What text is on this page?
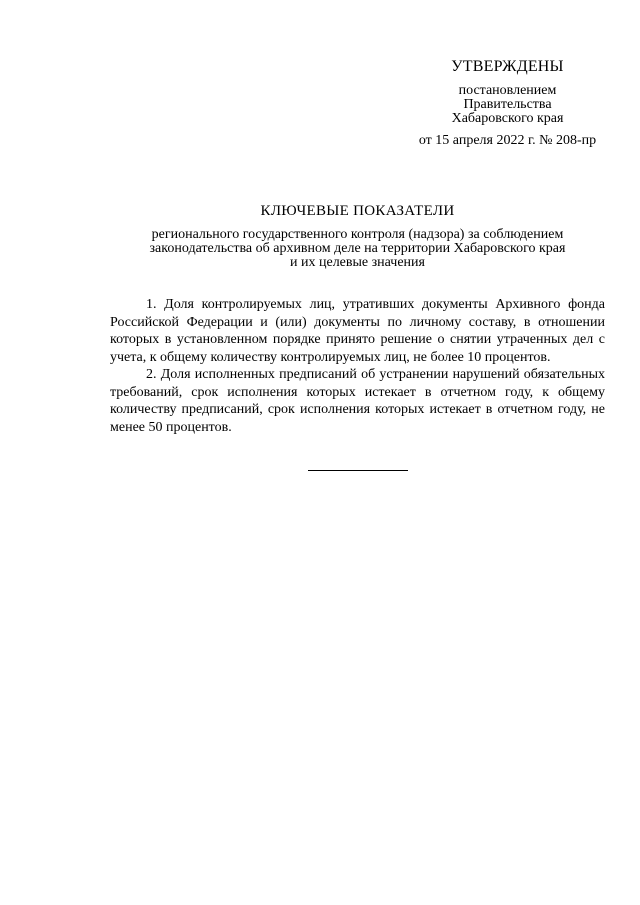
УТВЕРЖДЕНЫ
постановлением
Правительства
Хабаровского края
от 15 апреля 2022 г. № 208-пр
КЛЮЧЕВЫЕ ПОКАЗАТЕЛИ
регионального государственного контроля (надзора) за соблюдением
законодательства об архивном деле на территории Хабаровского края
и их целевые значения

1. Доля контролируемых лиц, утративших документы Архивного фонда Российской Федерации и (или) документы по личному составу, в отношении которых в установленном порядке принято решение о снятии утраченных дел с учета, к общему количеству контролируемых лиц, не более 10 процентов.

2. Доля исполненных предписаний об устранении нарушений обязательных требований, срок исполнения которых истекает в отчетном году, к общему количеству предписаний, срок исполнения которых истекает в отчетном году, не менее 50 процентов.
